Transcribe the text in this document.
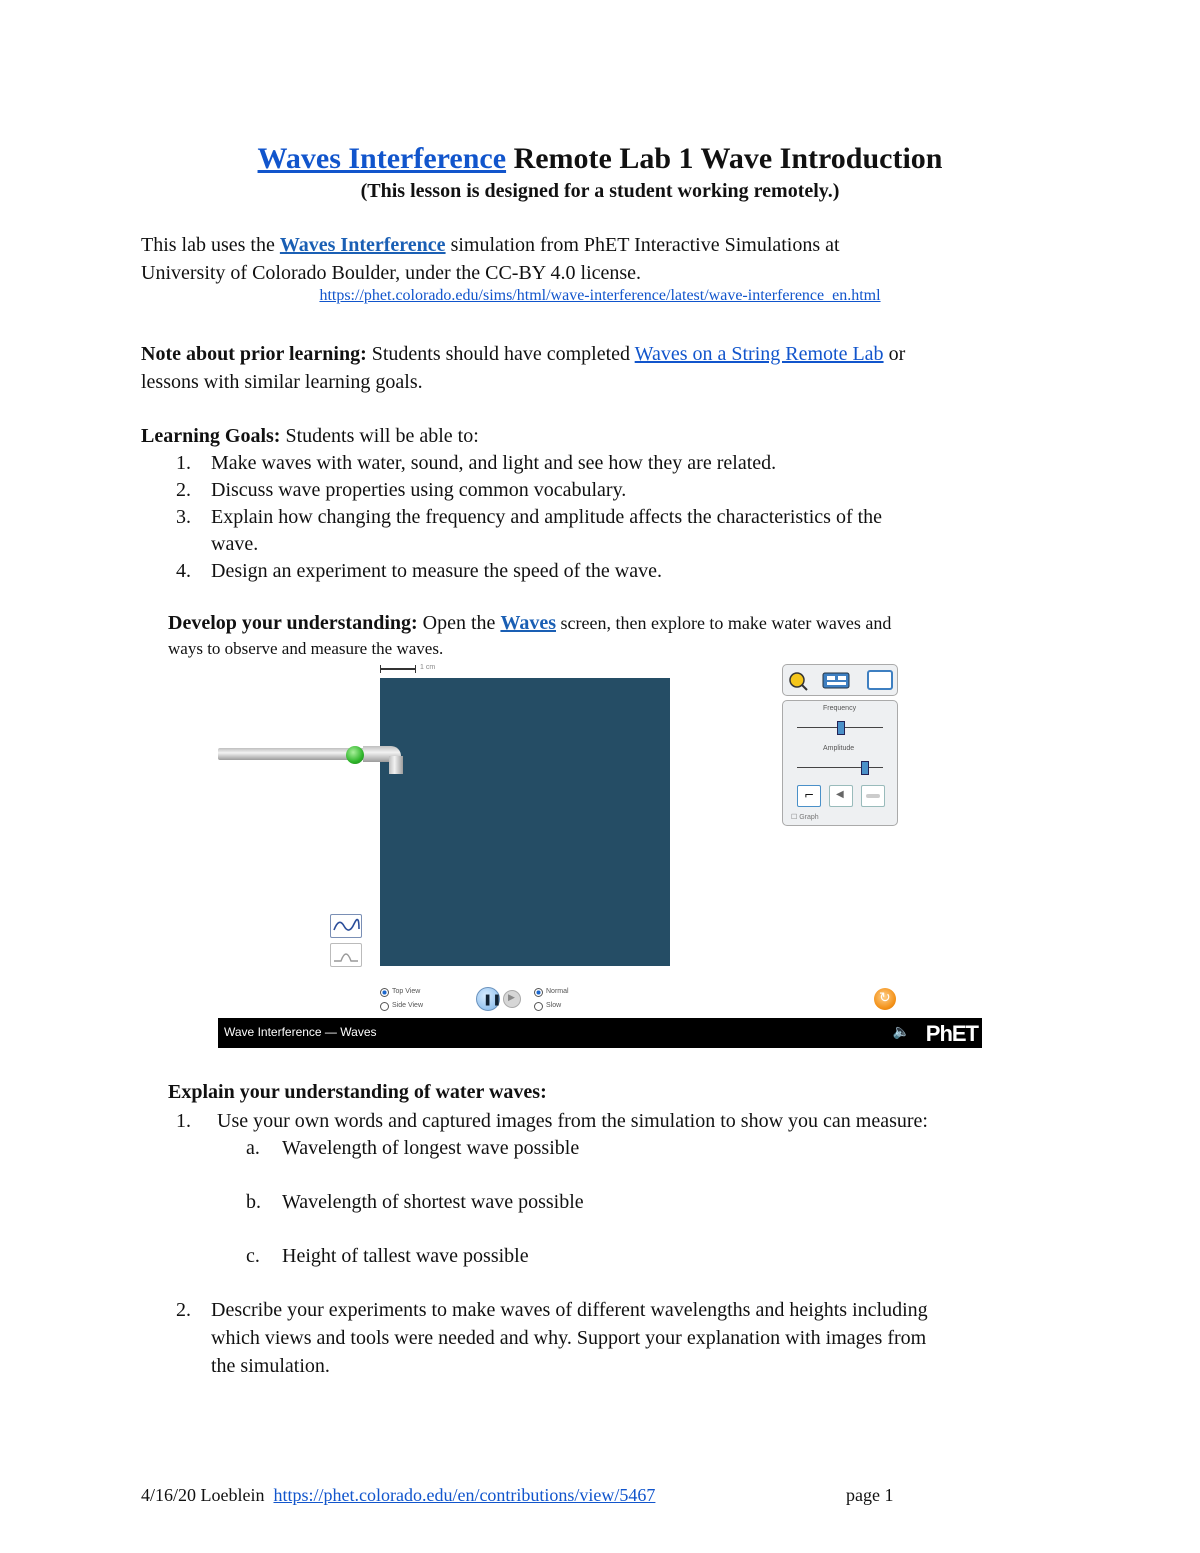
Waves Interference Remote Lab 1 Wave Introduction
(This lesson is designed for a student working remotely.)
This lab uses the Waves Interference simulation from PhET Interactive Simulations at
University of Colorado Boulder, under the CC-BY 4.0 license.
https://phet.colorado.edu/sims/html/wave-interference/latest/wave-interference_en.html
Note about prior learning: Students should have completed Waves on a String Remote Lab or
lessons with similar learning goals.
Learning Goals: Students will be able to:
1.	Make waves with water, sound, and light and see how they are related.
2.	Discuss wave properties using common vocabulary.
3.	Explain how changing the frequency and amplitude affects the characteristics of the
wave.
4.	Design an experiment to measure the speed of the wave.
Develop your understanding: Open the Waves screen, then explore to make water waves and
ways to observe and measure the waves.
1 cm
Frequency
Amplitude
⌐ ◀
☐ Graph
Top View
Side View	❚❚ ▶
Normal
Slow	↻
Wave Interference — Waves	🔈 PhET
Explain your understanding of water waves:
1. Use your own words and captured images from the simulation to show you can measure:
a. Wavelength of longest wave possible
b. Wavelength of shortest wave possible
c. Height of tallest wave possible
2. Describe your experiments to make waves of different wavelengths and heights including
which views and tools were needed and why. Support your explanation with images from
the simulation.
4/16/20 Loeblein https://phet.colorado.edu/en/contributions/view/5467	page 1
